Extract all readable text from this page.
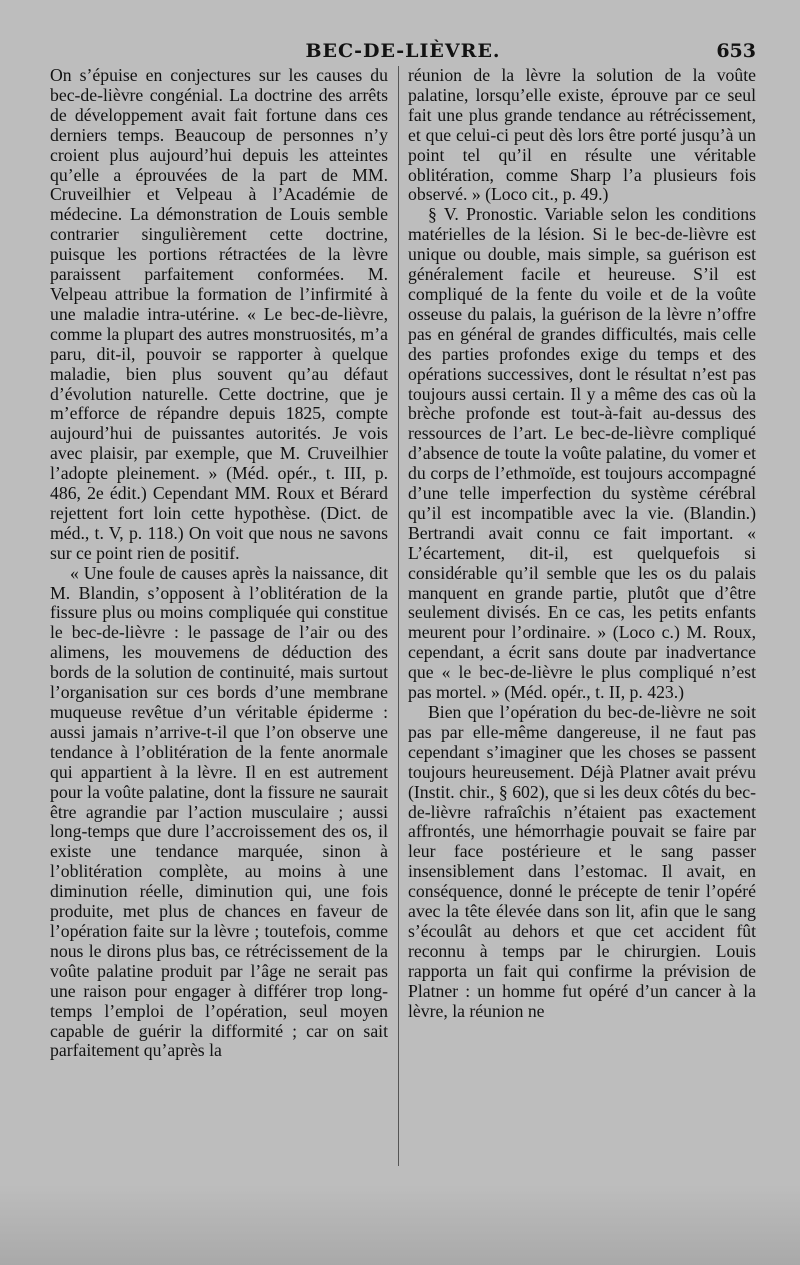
BEC-DE-LIÈVRE.	653

On s’épuise en conjectures sur les causes du bec-de-lièvre congénial. La doctrine des arrêts de développement avait fait fortune dans ces derniers temps. Beaucoup de personnes n’y croient plus aujourd’hui depuis les atteintes qu’elle a éprouvées de la part de MM. Cruveilhier et Velpeau à l’Académie de médecine. La démonstration de Louis semble contrarier singulièrement cette doctrine, puisque les portions rétractées de la lèvre paraissent parfaitement conformées. M. Velpeau attribue la formation de l’infirmité à une maladie intra-utérine. « Le bec-de-lièvre, comme la plupart des autres monstruosités, m’a paru, dit-il, pouvoir se rapporter à quelque maladie, bien plus souvent qu’au défaut d’évolution naturelle. Cette doctrine, que je m’efforce de répandre depuis 1825, compte aujourd’hui de puissantes autorités. Je vois avec plaisir, par exemple, que M. Cruveilhier l’adopte pleinement. » (Méd. opér., t. III, p. 486, 2e édit.) Cependant MM. Roux et Bérard rejettent fort loin cette hypothèse. (Dict. de méd., t. V, p. 118.) On voit que nous ne savons sur ce point rien de positif.

« Une foule de causes après la naissance, dit M. Blandin, s’opposent à l’oblitération de la fissure plus ou moins compliquée qui constitue le bec-de-lièvre : le passage de l’air ou des alimens, les mouvemens de déduction des bords de la solution de continuité, mais surtout l’organisation sur ces bords d’une membrane muqueuse revêtue d’un véritable épiderme : aussi jamais n’arrive-t-il que l’on observe une tendance à l’oblitération de la fente anormale qui appartient à la lèvre. Il en est autrement pour la voûte palatine, dont la fissure ne saurait être agrandie par l’action musculaire ; aussi long-temps que dure l’accroissement des os, il existe une tendance marquée, sinon à l’oblitération complète, au moins à une diminution réelle, diminution qui, une fois produite, met plus de chances en faveur de l’opération faite sur la lèvre ; toutefois, comme nous le dirons plus bas, ce rétrécissement de la voûte palatine produit par l’âge ne serait pas une raison pour engager à différer trop long-temps l’emploi de l’opération, seul moyen capable de guérir la difformité ; car on sait parfaitement qu’après la

réunion de la lèvre la solution de la voûte palatine, lorsqu’elle existe, éprouve par ce seul fait une plus grande tendance au rétrécissement, et que celui-ci peut dès lors être porté jusqu’à un point tel qu’il en résulte une véritable oblitération, comme Sharp l’a plusieurs fois observé. » (Loco cit., p. 49.)

§ V. Pronostic. Variable selon les conditions matérielles de la lésion. Si le bec-de-lièvre est unique ou double, mais simple, sa guérison est généralement facile et heureuse. S’il est compliqué de la fente du voile et de la voûte osseuse du palais, la guérison de la lèvre n’offre pas en général de grandes difficultés, mais celle des parties profondes exige du temps et des opérations successives, dont le résultat n’est pas toujours aussi certain. Il y a même des cas où la brèche profonde est tout-à-fait au-dessus des ressources de l’art. Le bec-de-lièvre compliqué d’absence de toute la voûte palatine, du vomer et du corps de l’ethmoïde, est toujours accompagné d’une telle imperfection du système cérébral qu’il est incompatible avec la vie. (Blandin.) Bertrandi avait connu ce fait important. « L’écartement, dit-il, est quelquefois si considérable qu’il semble que les os du palais manquent en grande partie, plutôt que d’être seulement divisés. En ce cas, les petits enfants meurent pour l’ordinaire. » (Loco c.) M. Roux, cependant, a écrit sans doute par inadvertance que « le bec-de-lièvre le plus compliqué n’est pas mortel. » (Méd. opér., t. II, p. 423.)

Bien que l’opération du bec-de-lièvre ne soit pas par elle-même dangereuse, il ne faut pas cependant s’imaginer que les choses se passent toujours heureusement. Déjà Platner avait prévu (Instit. chir., § 602), que si les deux côtés du bec-de-lièvre rafraîchis n’étaient pas exactement affrontés, une hémorrhagie pouvait se faire par leur face postérieure et le sang passer insensiblement dans l’estomac. Il avait, en conséquence, donné le précepte de tenir l’opéré avec la tête élevée dans son lit, afin que le sang s’écoulât au dehors et que cet accident fût reconnu à temps par le chirurgien. Louis rapporta un fait qui confirme la prévision de Platner : un homme fut opéré d’un cancer à la lèvre, la réunion ne
